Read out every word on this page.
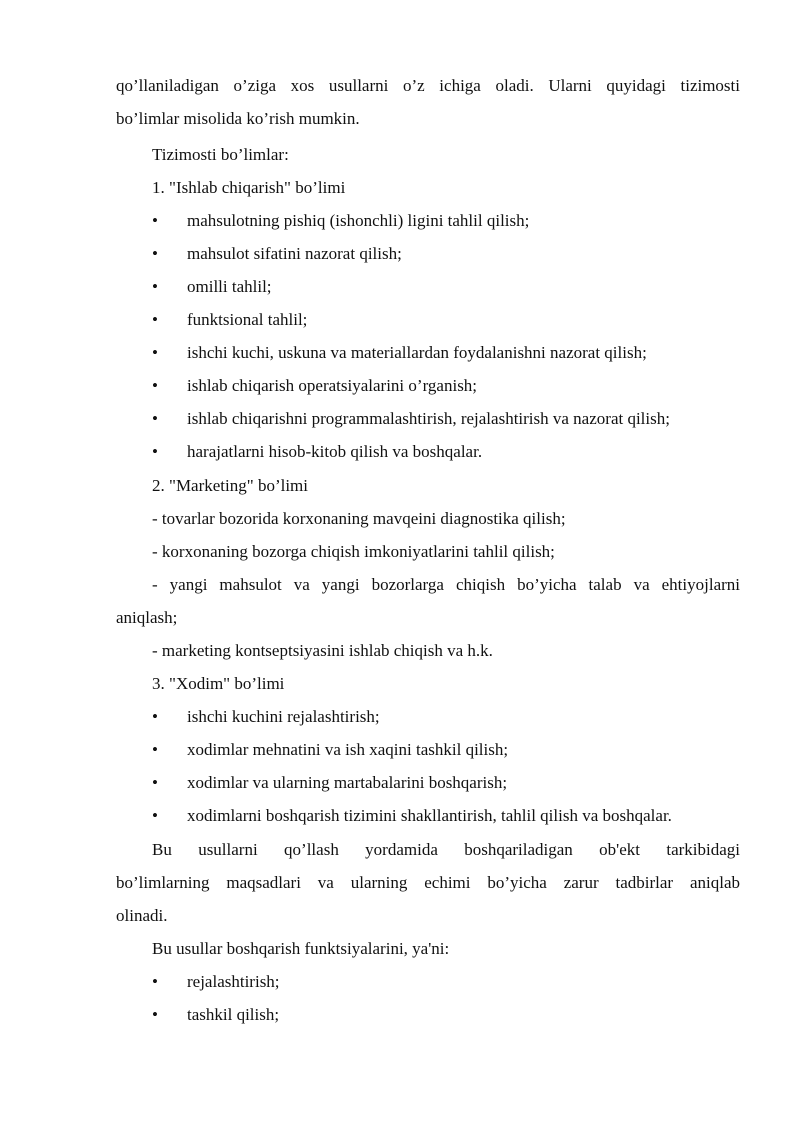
qo’llaniladigan o’ziga xos usullarni o’z ichiga oladi. Ularni quyidagi tizimosti
bo’limlar misolida ko’rish mumkin.
Tizimosti bo’limlar:
1. "Ishlab chiqarish" bo’limi
• mahsulotning pishiq (ishonchli) ligini tahlil qilish;
• mahsulot sifatini nazorat qilish;
• omilli tahlil;
• funktsional tahlil;
• ishchi kuchi, uskuna va materiallardan foydalanishni nazorat qilish;
• ishlab chiqarish operatsiyalarini o’rganish;
• ishlab chiqarishni programmalashtirish, rejalashtirish va nazorat qilish;
• harajatlarni hisob-kitob qilish va boshqalar.
2. "Marketing" bo’limi
- tovarlar bozorida korxonaning mavqeini diagnostika qilish;
- korxonaning bozorga chiqish imkoniyatlarini tahlil qilish;
- yangi mahsulot va yangi bozorlarga chiqish bo’yicha talab va ehtiyojlarni
aniqlash;
- marketing kontseptsiyasini ishlab chiqish va h.k.
3. "Xodim" bo’limi
• ishchi kuchini rejalashtirish;
• xodimlar mehnatini va ish xaqini tashkil qilish;
• xodimlar va ularning martabalarini boshqarish;
• xodimlarni boshqarish tizimini shakllantirish, tahlil qilish va boshqalar.
Bu usullarni qo’llash yordamida boshqariladigan ob'ekt tarkibidagi
bo’limlarning maqsadlari va ularning echimi bo’yicha zarur tadbirlar aniqlab
olinadi.
Bu usullar boshqarish funktsiyalarini, ya'ni:
• rejalashtirish;
• tashkil qilish;
